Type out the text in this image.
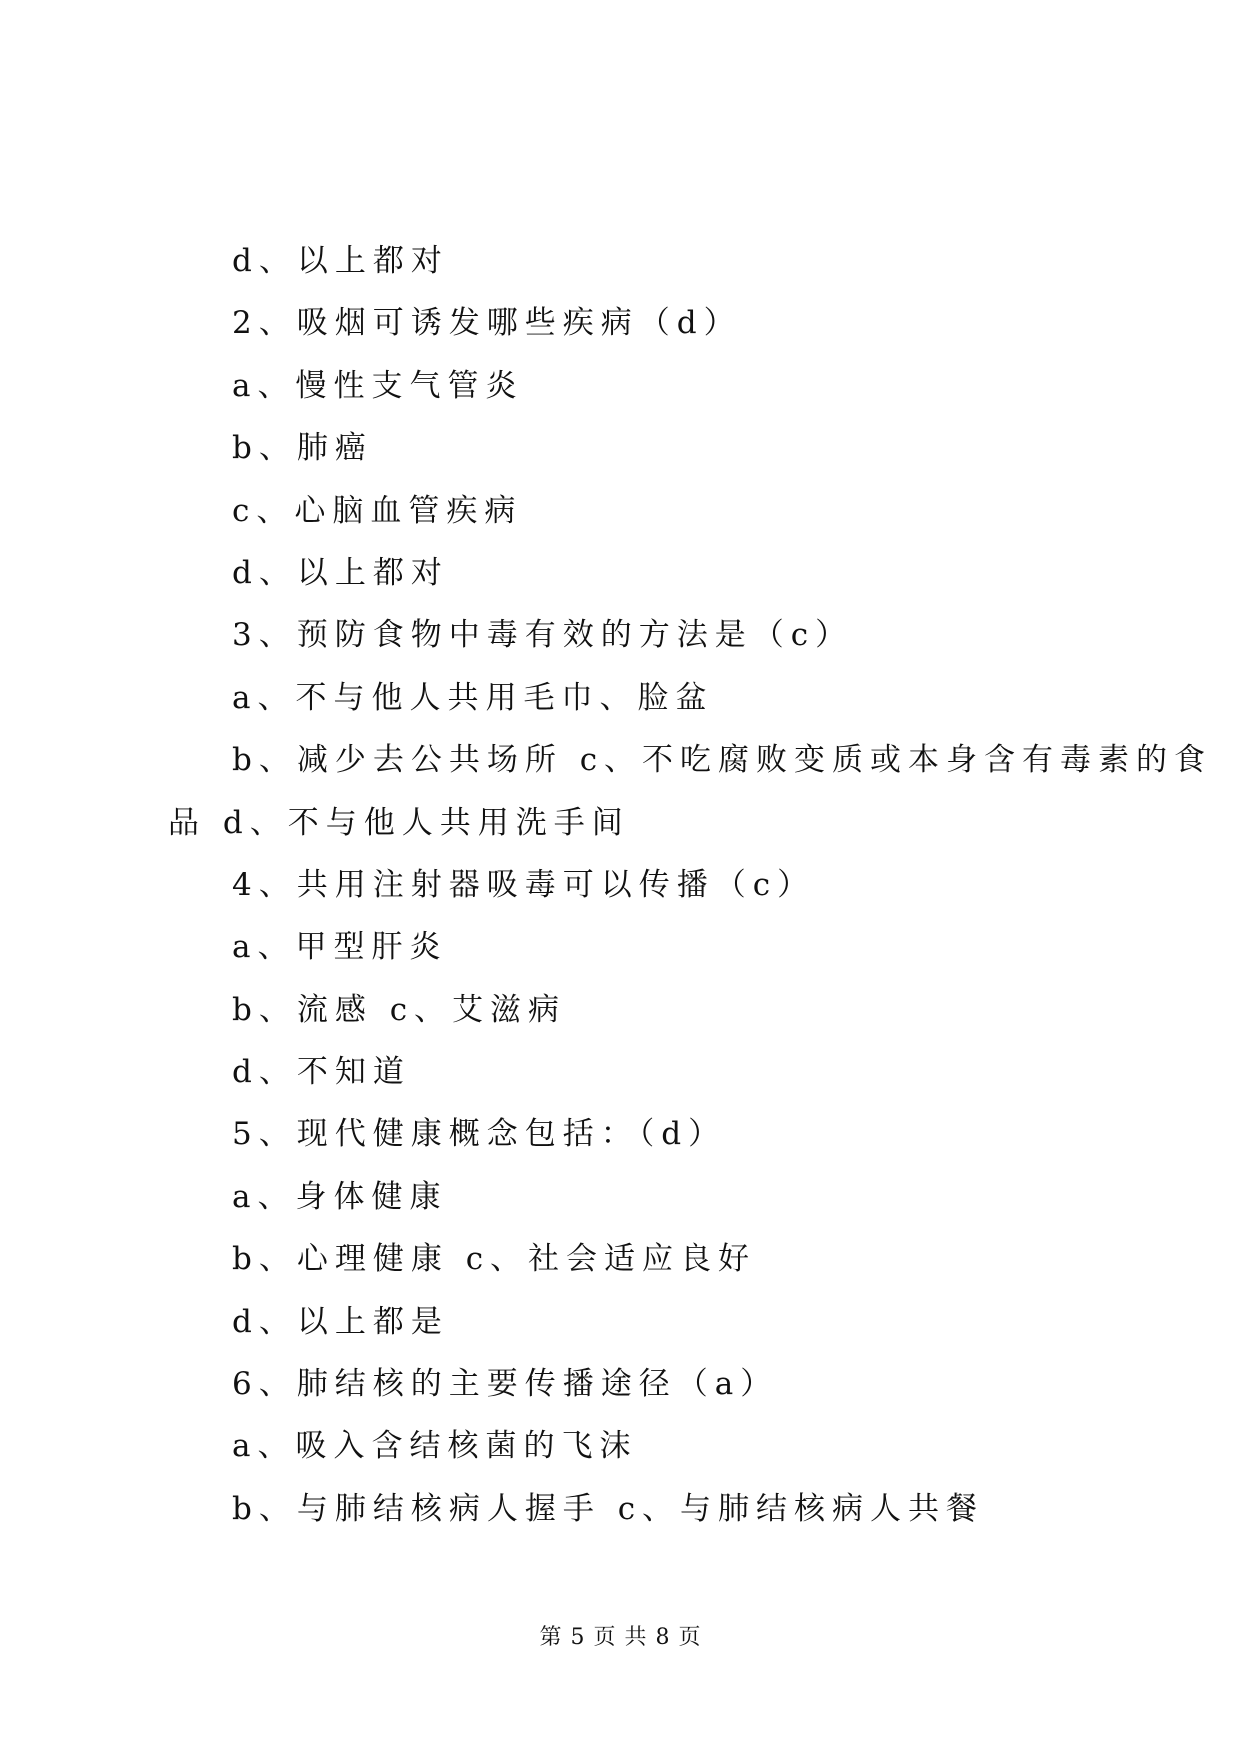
d、以上都对
2、吸烟可诱发哪些疾病（d）
a、慢性支气管炎
b、肺癌
c、心脑血管疾病
d、以上都对
3、预防食物中毒有效的方法是（c）
a、不与他人共用毛巾、脸盆
b、减少去公共场所 c、不吃腐败变质或本身含有毒素的食
品 d、不与他人共用洗手间
4、共用注射器吸毒可以传播（c）
a、甲型肝炎
b、流感 c、艾滋病
d、不知道
5、现代健康概念包括：（d）
a、身体健康
b、心理健康 c、社会适应良好
d、以上都是
6、肺结核的主要传播途径（a）
a、吸入含结核菌的飞沫
b、与肺结核病人握手 c、与肺结核病人共餐
第 5 页 共 8 页
